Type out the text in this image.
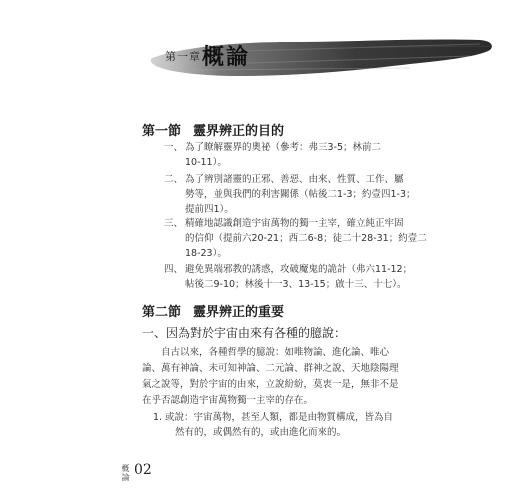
第一章 概論
第一節 靈界辨正的目的
一、 為了瞭解靈界的奧祕（參考：弗三3-5；林前二
10-11）。
二、 為了辨別諸靈的正邪、善惡、由來、性質、工作、屬
勢等，並與我們的利害關係（帖後二1-3；約壹四1-3；
提前四1）。
三、 精確地認識創造宇宙萬物的獨一主宰，確立純正牢固
的信仰（提前六20-21；西二6-8；徒二十28-31；約壹二
18-23）。
四、 避免異端邪教的誘惑，攻破魔鬼的詭計（弗六11-12；
帖後二9-10；林後十一3、13-15；啟十三、十七）。
第二節 靈界辨正的重要
一、因為對於宇宙由來有各種的臆說：
自古以來，各種哲學的臆說：如唯物論、進化論、唯心
論、萬有神論、未可知神論、二元論、群神之說、天地陰陽理
氣之說等，對於宇宙的由來，立說紛紛，莫衷一是，無非不是
在乎否認創造宇宙萬物獨一主宰的存在。
1. 或說：宇宙萬物，甚至人類，都是由物質構成，皆為自
然有的，或偶然有的，或由進化而來的。
概
論 02
